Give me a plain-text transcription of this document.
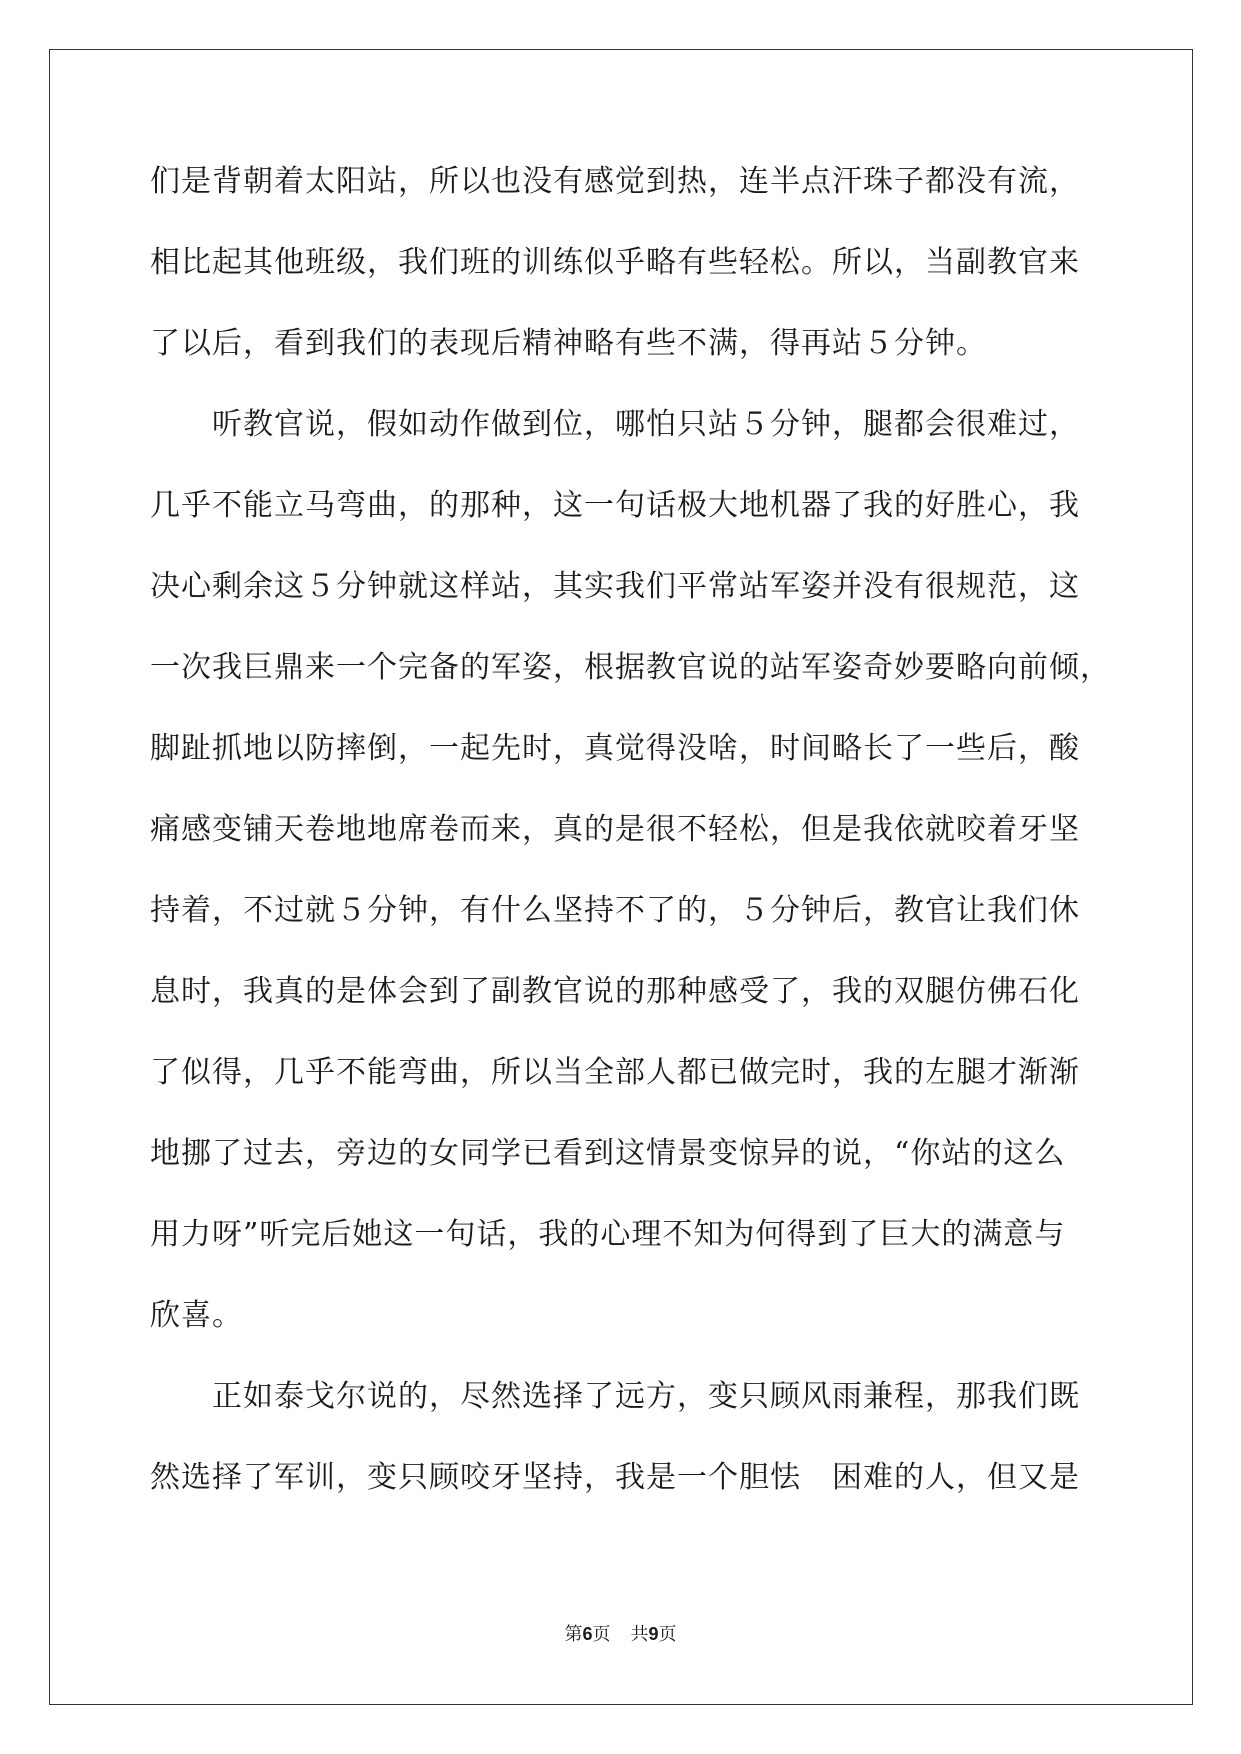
们是背朝着太阳站，所以也没有感觉到热，连半点汗珠子都没有流，
相比起其他班级，我们班的训练似乎略有些轻松。所以，当副教官来
了以后，看到我们的表现后精神略有些不满，得再站５分钟。
听教官说，假如动作做到位，哪怕只站５分钟，腿都会很难过，
几乎不能立马弯曲，的那种，这一句话极大地机器了我的好胜心，我
决心剩余这５分钟就这样站，其实我们平常站军姿并没有很规范，这
一次我巨鼎来一个完备的军姿，根据教官说的站军姿奇妙要略向前倾，
脚趾抓地以防摔倒，一起先时，真觉得没啥，时间略长了一些后，酸
痛感变铺天卷地地席卷而来，真的是很不轻松，但是我依就咬着牙坚
持着，不过就５分钟，有什么坚持不了的，５分钟后，教官让我们休
息时，我真的是体会到了副教官说的那种感受了，我的双腿仿佛石化
了似得，几乎不能弯曲，所以当全部人都已做完时，我的左腿才渐渐
地挪了过去，旁边的女同学已看到这情景变惊异的说，“你站的这么
用力呀”听完后她这一句话，我的心理不知为何得到了巨大的满意与
欣喜。
正如泰戈尔说的，尽然选择了远方，变只顾风雨兼程，那我们既
然选择了军训，变只顾咬牙坚持，我是一个胆怯　困难的人，但又是
第6页 共9页
